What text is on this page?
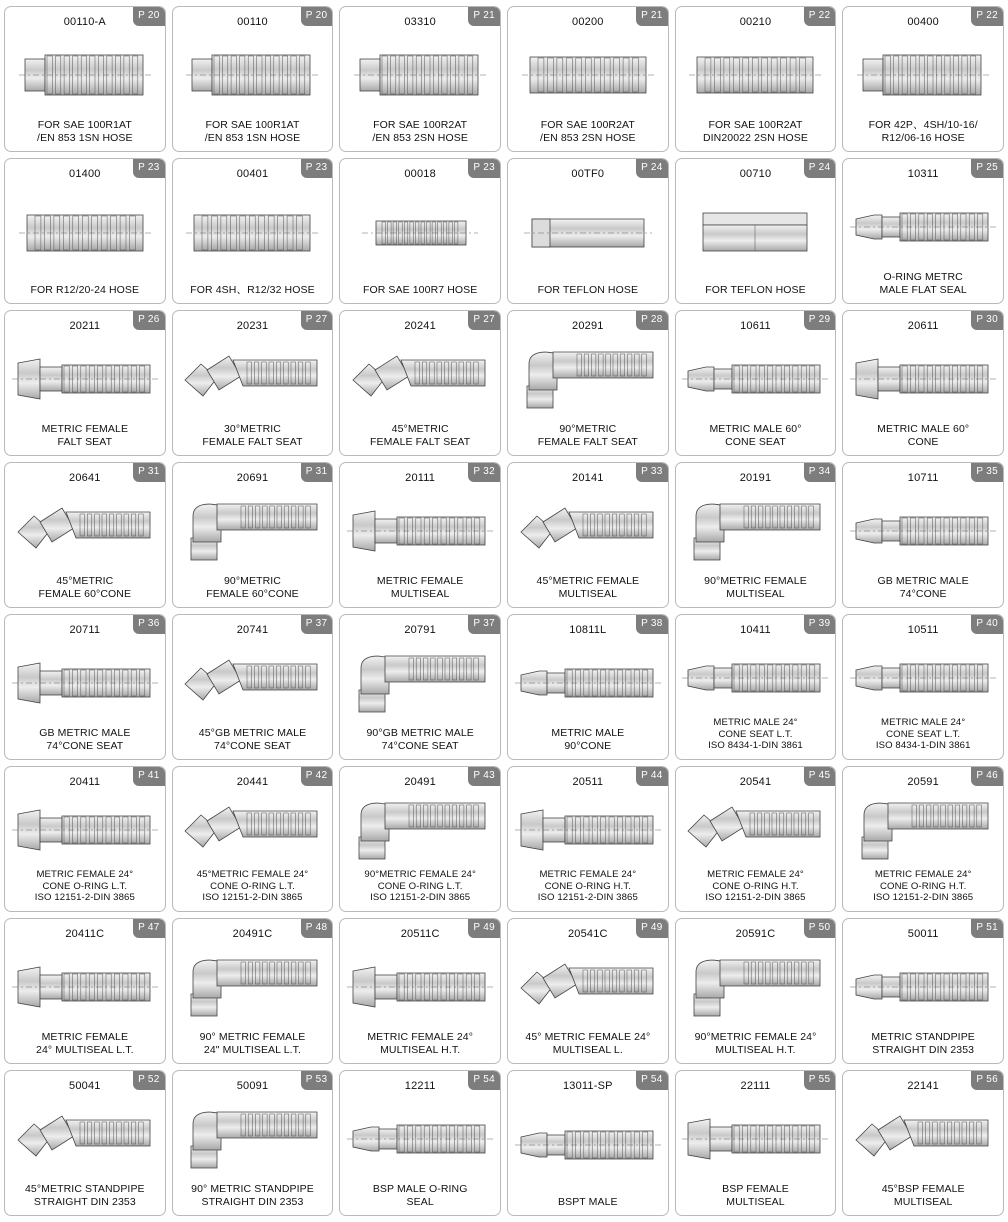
00110-A
P 20
FOR SAE 100R1AT
/EN 853 1SN HOSE
00110
P 20
FOR SAE 100R1AT
/EN 853 1SN HOSE
03310
P 21
FOR SAE 100R2AT
/EN 853 2SN HOSE
00200
P 21
FOR SAE 100R2AT
/EN 853 2SN HOSE
00210
P 22
FOR SAE 100R2AT
DIN20022 2SN HOSE
00400
P 22
FOR 42P、4SH/10-16/
R12/06-16 HOSE
01400
P 23
FOR R12/20-24 HOSE
00401
P 23
FOR 4SH、R12/32 HOSE
00018
P 23
FOR SAE 100R7 HOSE
00TF0
P 24
FOR TEFLON HOSE
00710
P 24
FOR TEFLON HOSE
10311
P 25
O-RING METRC
MALE FLAT SEAL
20211
P 26
METRIC FEMALE
FALT SEAT
20231
P 27
30°METRIC
FEMALE FALT SEAT
20241
P 27
45°METRIC
FEMALE FALT SEAT
20291
P 28
90°METRIC
FEMALE FALT SEAT
10611
P 29
METRIC MALE 60°
CONE SEAT
20611
P 30
METRIC MALE 60°
CONE
20641
P 31
45°METRIC
FEMALE 60°CONE
20691
P 31
90°METRIC
FEMALE 60°CONE
20111
P 32
METRIC FEMALE
MULTISEAL
20141
P 33
45°METRIC FEMALE
MULTISEAL
20191
P 34
90°METRIC FEMALE
MULTISEAL
10711
P 35
GB METRIC MALE
74°CONE
20711
P 36
GB METRIC MALE
74°CONE SEAT
20741
P 37
45°GB METRIC MALE
74°CONE SEAT
20791
P 37
90°GB METRIC MALE
74°CONE SEAT
10811L
P 38
METRIC MALE
90°CONE
10411
P 39
METRIC MALE 24°
CONE SEAT L.T.
ISO 8434-1-DIN 3861
10511
P 40
METRIC MALE 24°
CONE SEAT L.T.
ISO 8434-1-DIN 3861
20411
P 41
METRIC FEMALE 24°
CONE O-RING L.T.
ISO 12151-2-DIN 3865
20441
P 42
45°METRIC FEMALE 24°
CONE O-RING L.T.
ISO 12151-2-DIN 3865
20491
P 43
90°METRIC FEMALE 24°
CONE O-RING L.T.
ISO 12151-2-DIN 3865
20511
P 44
METRIC FEMALE 24°
CONE O-RING H.T.
ISO 12151-2-DIN 3865
20541
P 45
METRIC FEMALE 24°
CONE O-RING H.T.
ISO 12151-2-DIN 3865
20591
P 46
METRIC FEMALE 24°
CONE O-RING H.T.
ISO 12151-2-DIN 3865
20411C
P 47
METRIC FEMALE
24° MULTISEAL L.T.
20491C
P 48
90° METRIC FEMALE
24" MULTISEAL L.T.
20511C
P 49
METRIC FEMALE 24°
MULTISEAL H.T.
20541C
P 49
45° METRIC FEMALE 24°
MULTISEAL L.
20591C
P 50
90°METRIC FEMALE 24°
MULTISEAL H.T.
50011
P 51
METRIC STANDPIPE
STRAIGHT DIN 2353
50041
P 52
45°METRIC STANDPIPE
STRAIGHT DIN 2353
50091
P 53
90° METRIC STANDPIPE
STRAIGHT DIN 2353
12211
P 54
BSP MALE O-RING
SEAL
13011-SP
P 54
BSPT MALE
22111
P 55
BSP FEMALE
MULTISEAL
22141
P 56
45°BSP FEMALE
MULTISEAL
